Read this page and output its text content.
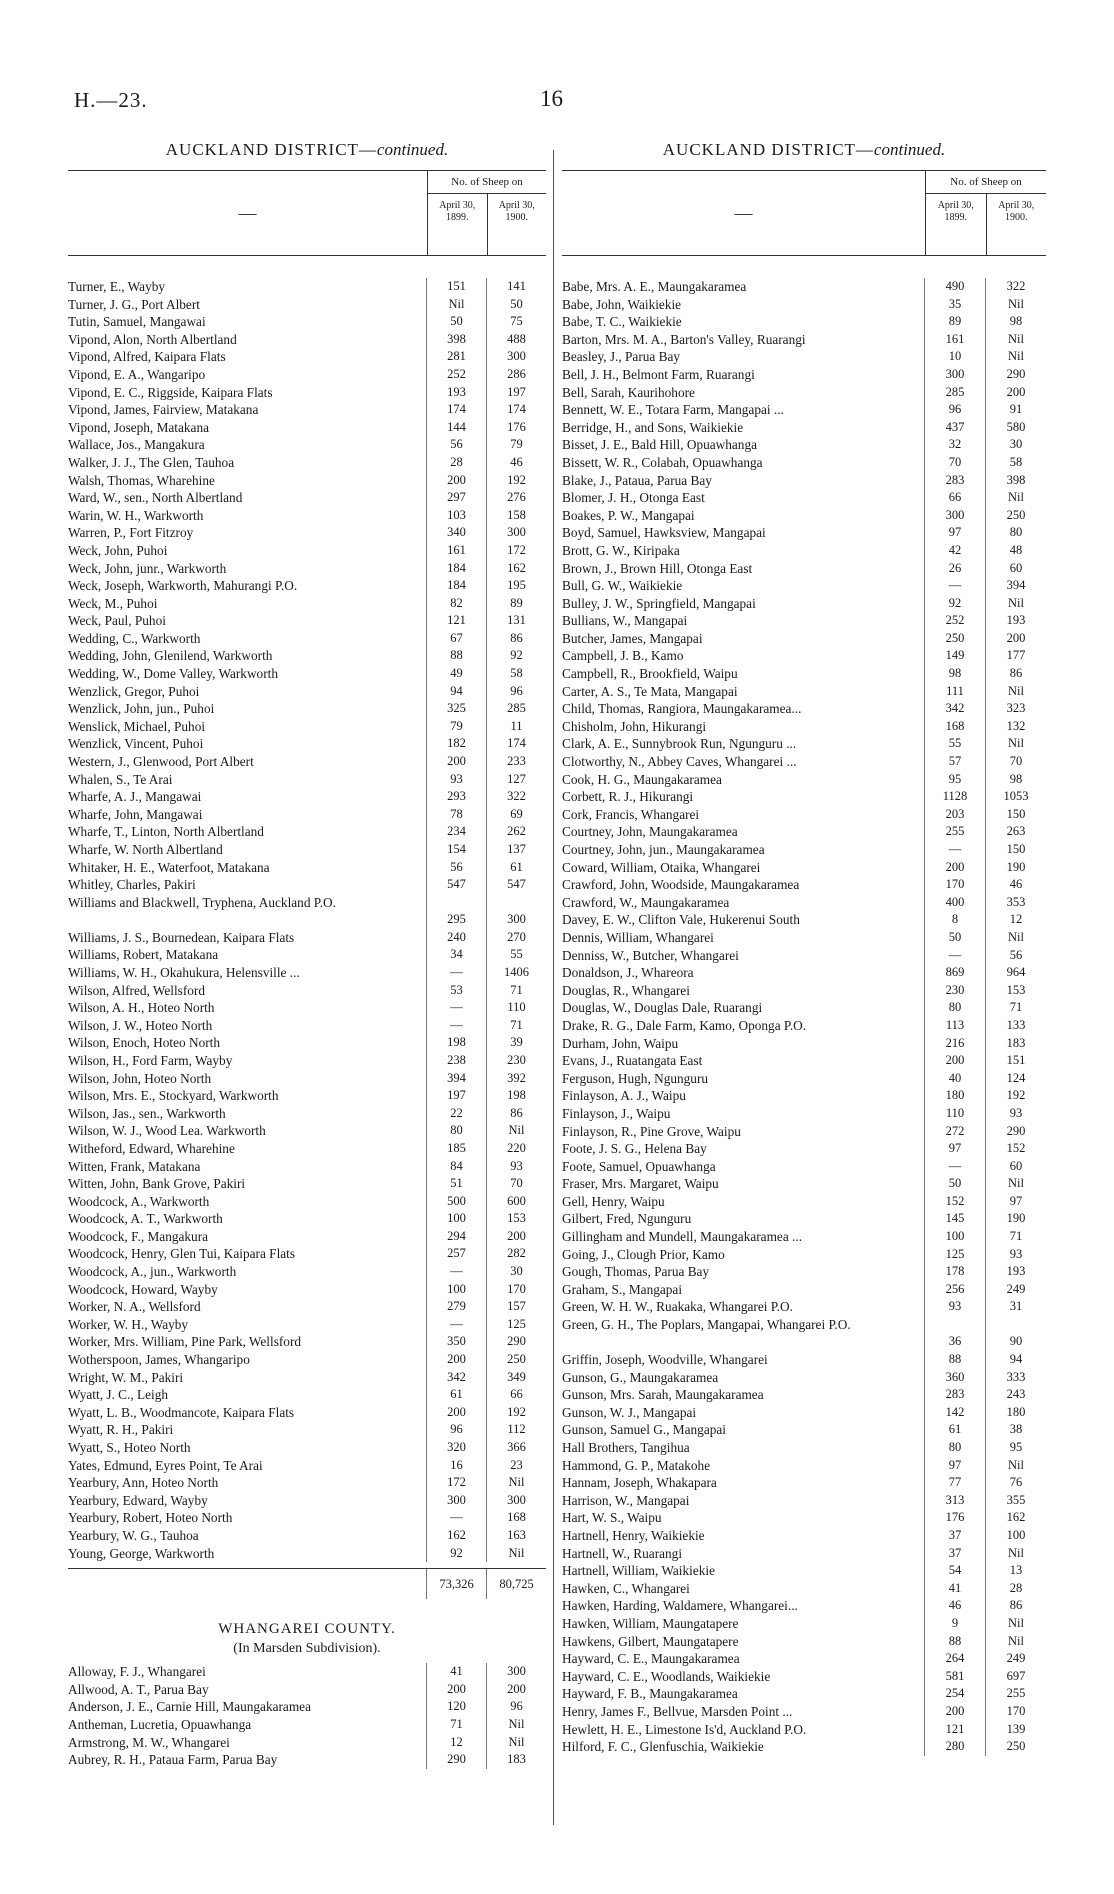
H.—23.	16
AUCKLAND DISTRICT—continued.
—
No. of Sheep on
April 30, 1899.
April 30, 1900.
Turner, E., Wayby	151	141
Turner, J. G., Port Albert	Nil	50
Tutin, Samuel, Mangawai	50	75
Vipond, Alon, North Albertland	398	488
Vipond, Alfred, Kaipara Flats	281	300
Vipond, E. A., Wangaripo	252	286
Vipond, E. C., Riggside, Kaipara Flats	193	197
Vipond, James, Fairview, Matakana	174	174
Vipond, Joseph, Matakana	144	176
Wallace, Jos., Mangakura	56	79
Walker, J. J., The Glen, Tauhoa	28	46
Walsh, Thomas, Wharehine	200	192
Ward, W., sen., North Albertland	297	276
Warin, W. H., Warkworth	103	158
Warren, P., Fort Fitzroy	340	300
Weck, John, Puhoi	161	172
Weck, John, junr., Warkworth	184	162
Weck, Joseph, Warkworth, Mahurangi P.O.	184	195
Weck, M., Puhoi	82	89
Weck, Paul, Puhoi	121	131
Wedding, C., Warkworth	67	86
Wedding, John, Glenilend, Warkworth	88	92
Wedding, W., Dome Valley, Warkworth	49	58
Wenzlick, Gregor, Puhoi	94	96
Wenzlick, John, jun., Puhoi	325	285
Wenslick, Michael, Puhoi	79	11
Wenzlick, Vincent, Puhoi	182	174
Western, J., Glenwood, Port Albert	200	233
Whalen, S., Te Arai	93	127
Wharfe, A. J., Mangawai	293	322
Wharfe, John, Mangawai	78	69
Wharfe, T., Linton, North Albertland	234	262
Wharfe, W. North Albertland	154	137
Whitaker, H. E., Waterfoot, Matakana	56	61
Whitley, Charles, Pakiri	547	547
Williams and Blackwell, Tryphena, Auckland P.O.
295	300
Williams, J. S., Bournedean, Kaipara Flats	240	270
Williams, Robert, Matakana	34	55
Williams, W. H., Okahukura, Helensville ...	—	1406
Wilson, Alfred, Wellsford	53	71
Wilson, A. H., Hoteo North	—	110
Wilson, J. W., Hoteo North	—	71
Wilson, Enoch, Hoteo North	198	39
Wilson, H., Ford Farm, Wayby	238	230
Wilson, John, Hoteo North	394	392
Wilson, Mrs. E., Stockyard, Warkworth	197	198
Wilson, Jas., sen., Warkworth	22	86
Wilson, W. J., Wood Lea. Warkworth	80	Nil
Witheford, Edward, Wharehine	185	220
Witten, Frank, Matakana	84	93
Witten, John, Bank Grove, Pakiri	51	70
Woodcock, A., Warkworth	500	600
Woodcock, A. T., Warkworth	100	153
Woodcock, F., Mangakura	294	200
Woodcock, Henry, Glen Tui, Kaipara Flats	257	282
Woodcock, A., jun., Warkworth	—	30
Woodcock, Howard, Wayby	100	170
Worker, N. A., Wellsford	279	157
Worker, W. H., Wayby	—	125
Worker, Mrs. William, Pine Park, Wellsford	350	290
Wotherspoon, James, Whangaripo	200	250
Wright, W. M., Pakiri	342	349
Wyatt, J. C., Leigh	61	66
Wyatt, L. B., Woodmancote, Kaipara Flats	200	192
Wyatt, R. H., Pakiri	96	112
Wyatt, S., Hoteo North	320	366
Yates, Edmund, Eyres Point, Te Arai	16	23
Yearbury, Ann, Hoteo North	172	Nil
Yearbury, Edward, Wayby	300	300
Yearbury, Robert, Hoteo North	—	168
Yearbury, W. G., Tauhoa	162	163
Young, George, Warkworth	92	Nil
73,326	80,725
WHANGAREI COUNTY.
(In Marsden Subdivision).
Alloway, F. J., Whangarei	41	300
Allwood, A. T., Parua Bay	200	200
Anderson, J. E., Carnie Hill, Maungakaramea	120	96
Antheman, Lucretia, Opuawhanga	71	Nil
Armstrong, M. W., Whangarei	12	Nil
Aubrey, R. H., Pataua Farm, Parua Bay	290	183
AUCKLAND DISTRICT—continued.
—
No. of Sheep on
April 30, 1899.
April 30, 1900.
Babe, Mrs. A. E., Maungakaramea	490	322
Babe, John, Waikiekie	35	Nil
Babe, T. C., Waikiekie	89	98
Barton, Mrs. M. A., Barton's Valley, Ruarangi	161	Nil
Beasley, J., Parua Bay	10	Nil
Bell, J. H., Belmont Farm, Ruarangi	300	290
Bell, Sarah, Kaurihohore	285	200
Bennett, W. E., Totara Farm, Mangapai ...	96	91
Berridge, H., and Sons, Waikiekie	437	580
Bisset, J. E., Bald Hill, Opuawhanga	32	30
Bissett, W. R., Colabah, Opuawhanga	70	58
Blake, J., Pataua, Parua Bay	283	398
Blomer, J. H., Otonga East	66	Nil
Boakes, P. W., Mangapai	300	250
Boyd, Samuel, Hawksview, Mangapai	97	80
Brott, G. W., Kiripaka	42	48
Brown, J., Brown Hill, Otonga East	26	60
Bull, G. W., Waikiekie	—	394
Bulley, J. W., Springfield, Mangapai	92	Nil
Bullians, W., Mangapai	252	193
Butcher, James, Mangapai	250	200
Campbell, J. B., Kamo	149	177
Campbell, R., Brookfield, Waipu	98	86
Carter, A. S., Te Mata, Mangapai	111	Nil
Child, Thomas, Rangiora, Maungakaramea...	342	323
Chisholm, John, Hikurangi	168	132
Clark, A. E., Sunnybrook Run, Ngunguru ...	55	Nil
Clotworthy, N., Abbey Caves, Whangarei ...	57	70
Cook, H. G., Maungakaramea	95	98
Corbett, R. J., Hikurangi	1128	1053
Cork, Francis, Whangarei	203	150
Courtney, John, Maungakaramea	255	263
Courtney, John, jun., Maungakaramea	—	150
Coward, William, Otaika, Whangarei	200	190
Crawford, John, Woodside, Maungakaramea	170	46
Crawford, W., Maungakaramea	400	353
Davey, E. W., Clifton Vale, Hukerenui South	8	12
Dennis, William, Whangarei	50	Nil
Denniss, W., Butcher, Whangarei	—	56
Donaldson, J., Whareora	869	964
Douglas, R., Whangarei	230	153
Douglas, W., Douglas Dale, Ruarangi	80	71
Drake, R. G., Dale Farm, Kamo, Oponga P.O.	113	133
Durham, John, Waipu	216	183
Evans, J., Ruatangata East	200	151
Ferguson, Hugh, Ngunguru	40	124
Finlayson, A. J., Waipu	180	192
Finlayson, J., Waipu	110	93
Finlayson, R., Pine Grove, Waipu	272	290
Foote, J. S. G., Helena Bay	97	152
Foote, Samuel, Opuawhanga	—	60
Fraser, Mrs. Margaret, Waipu	50	Nil
Gell, Henry, Waipu	152	97
Gilbert, Fred, Ngunguru	145	190
Gillingham and Mundell, Maungakaramea ...	100	71
Going, J., Clough Prior, Kamo	125	93
Gough, Thomas, Parua Bay	178	193
Graham, S., Mangapai	256	249
Green, W. H. W., Ruakaka, Whangarei P.O.	93	31
Green, G. H., The Poplars, Mangapai, Whangarei P.O.
36	90
Griffin, Joseph, Woodville, Whangarei	88	94
Gunson, G., Maungakaramea	360	333
Gunson, Mrs. Sarah, Maungakaramea	283	243
Gunson, W. J., Mangapai	142	180
Gunson, Samuel G., Mangapai	61	38
Hall Brothers, Tangihua	80	95
Hammond, G. P., Matakohe	97	Nil
Hannam, Joseph, Whakapara	77	76
Harrison, W., Mangapai	313	355
Hart, W. S., Waipu	176	162
Hartnell, Henry, Waikiekie	37	100
Hartnell, W., Ruarangi	37	Nil
Hartnell, William, Waikiekie	54	13
Hawken, C., Whangarei	41	28
Hawken, Harding, Waldamere, Whangarei...	46	86
Hawken, William, Maungatapere	9	Nil
Hawkens, Gilbert, Maungatapere	88	Nil
Hayward, C. E., Maungakaramea	264	249
Hayward, C. E., Woodlands, Waikiekie	581	697
Hayward, F. B., Maungakaramea	254	255
Henry, James F., Bellvue, Marsden Point ...	200	170
Hewlett, H. E., Limestone Is'd, Auckland P.O.	121	139
Hilford, F. C., Glenfuschia, Waikiekie	280	250
